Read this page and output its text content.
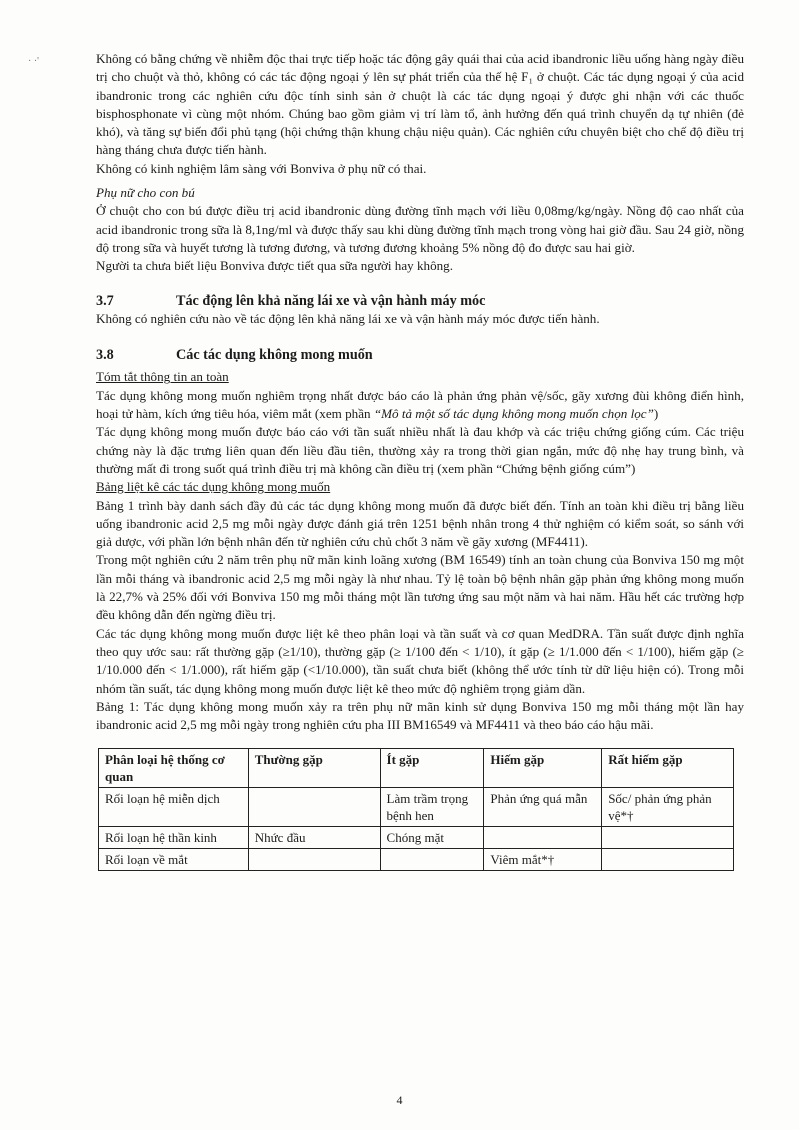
· ·'	Không có bằng chứng về nhiễm độc thai trực tiếp hoặc tác động gây quái thai của acid ibandronic liều uống hàng ngày điều trị cho chuột và thỏ, không có các tác động ngoại ý lên sự phát triển của thế hệ F₁ ở chuột. Các tác dụng ngoại ý của acid ibandronic trong các nghiên cứu độc tính sinh sản ở chuột là các tác dụng ngoại ý được ghi nhận với các thuốc bisphosphonate vì cùng một nhóm. Chúng bao gồm giảm vị trí làm tổ, ảnh hưởng đến quá trình chuyển dạ tự nhiên (đẻ khó), và tăng sự biến đổi phủ tạng (hội chứng thận khung chậu niệu quản). Các nghiên cứu chuyên biệt cho chế độ điều trị hàng tháng chưa được tiến hành.

Không có kinh nghiệm lâm sàng với Bonviva ở phụ nữ có thai.

Phụ nữ cho con bú

Ở chuột cho con bú được điều trị acid ibandronic dùng đường tĩnh mạch với liều 0,08mg/kg/ngày. Nồng độ cao nhất của acid ibandronic trong sữa là 8,1ng/ml và được thấy sau khi dùng đường tĩnh mạch trong vòng hai giờ đầu. Sau 24 giờ, nồng độ trong sữa và huyết tương là tương đương, và tương đương khoảng 5% nồng độ đo được sau hai giờ.

Người ta chưa biết liệu Bonviva được tiết qua sữa người hay không.

3.7	Tác động lên khả năng lái xe và vận hành máy móc

Không có nghiên cứu nào về tác động lên khả năng lái xe và vận hành máy móc được tiến hành.

3.8	Các tác dụng không mong muốn

Tóm tắt thông tin an toàn

Tác dụng không mong muốn nghiêm trọng nhất được báo cáo là phản ứng phản vệ/sốc, gãy xương đùi không điển hình, hoại tử hàm, kích ứng tiêu hóa, viêm mắt (xem phần “Mô tả một số tác dụng không mong muốn chọn lọc”)

Tác dụng không mong muốn được báo cáo với tần suất nhiều nhất là đau khớp và các triệu chứng giống cúm. Các triệu chứng này là đặc trưng liên quan đến liều đầu tiên, thường xảy ra trong thời gian ngắn, mức độ nhẹ hay trung bình, và thường mất đi trong suốt quá trình điều trị mà không cần điều trị (xem phần “Chứng bệnh giống cúm”)

Bảng liệt kê các tác dụng không mong muốn

Bảng 1 trình bày danh sách đầy đủ các tác dụng không mong muốn đã được biết đến. Tính an toàn khi điều trị bằng liều uống ibandronic acid 2,5 mg mỗi ngày được đánh giá trên 1251 bệnh nhân trong 4 thử nghiệm có kiểm soát, so sánh với giả dược, với phần lớn bệnh nhân đến từ nghiên cứu chủ chốt 3 năm về gãy xương (MF4411).

Trong một nghiên cứu 2 năm trên phụ nữ mãn kinh loãng xương (BM 16549) tính an toàn chung của Bonviva 150 mg một lần mỗi tháng và ibandronic acid 2,5 mg mỗi ngày là như nhau. Tỷ lệ toàn bộ bệnh nhân gặp phản ứng không mong muốn là 22,7% và 25% đối với Bonviva 150 mg mỗi tháng một lần tương ứng sau một năm và hai năm. Hầu hết các trường hợp đều không dẫn đến ngừng điều trị.

Các tác dụng không mong muốn được liệt kê theo phân loại và tần suất và cơ quan MedDRA. Tần suất được định nghĩa theo quy ước sau: rất thường gặp (≥1/10), thường gặp (≥ 1/100 đến < 1/10), ít gặp (≥ 1/1.000 đến < 1/100), hiếm gặp (≥ 1/10.000 đến < 1/1.000), rất hiếm gặp (<1/10.000), tần suất chưa biết (không thể ước tính từ dữ liệu hiện có). Trong mỗi nhóm tần suất, tác dụng không mong muốn được liệt kê theo mức độ nghiêm trọng giảm dần.

Bảng 1: Tác dụng không mong muốn xảy ra trên phụ nữ mãn kinh sử dụng Bonviva 150 mg mỗi tháng một lần hay ibandronic acid 2,5 mg mỗi ngày trong nghiên cứu pha III BM16549 và MF4411 và theo báo cáo hậu mãi.

Phân loại hệ thống cơ quan	Thường gặp	Ít gặp	Hiếm gặp	Rất hiếm gặp
Rối loạn hệ miễn dịch		Làm trầm trọng bệnh hen	Phản ứng quá mẫn	Sốc/ phản ứng phản vệ*†
Rối loạn hệ thần kinh	Nhức đầu	Chóng mặt		
Rối loạn về mắt			Viêm mắt*†	
4
